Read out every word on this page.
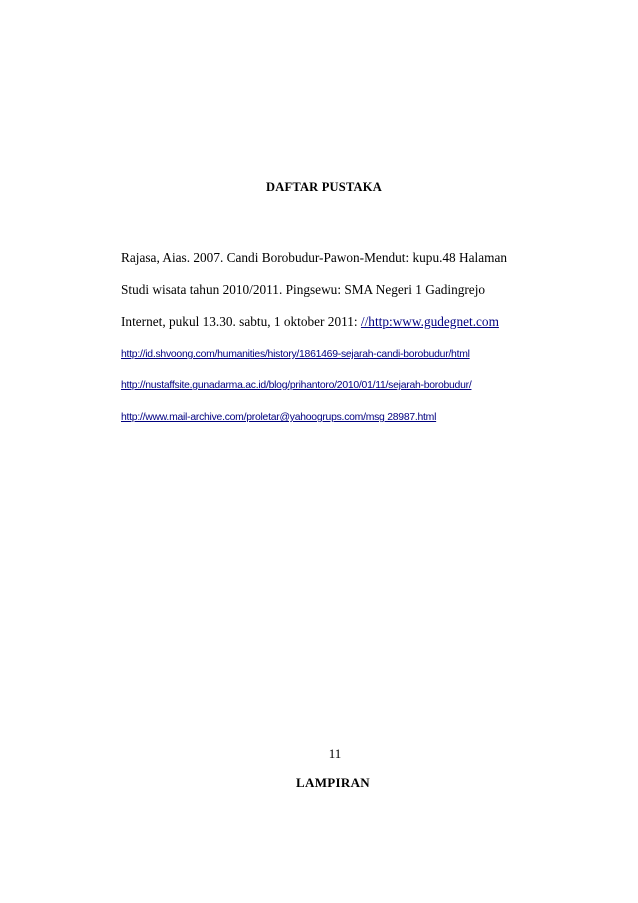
DAFTAR PUSTAKA
Rajasa, Aias. 2007. Candi Borobudur-Pawon-Mendut: kupu.48 Halaman
Studi wisata tahun 2010/2011. Pingsewu: SMA Negeri 1 Gadingrejo
Internet, pukul 13.30. sabtu, 1 oktober 2011: //http:www.gudegnet.com
http://id.shvoong.com/humanities/history/1861469-sejarah-candi-borobudur/html
http://nustaffsite.gunadarma.ac.id/blog/prihantoro/2010/01/11/sejarah-borobudur/
http://www.mail-archive.com/proletar@yahoogrups.com/msg 28987.html
11
LAMPIRAN
